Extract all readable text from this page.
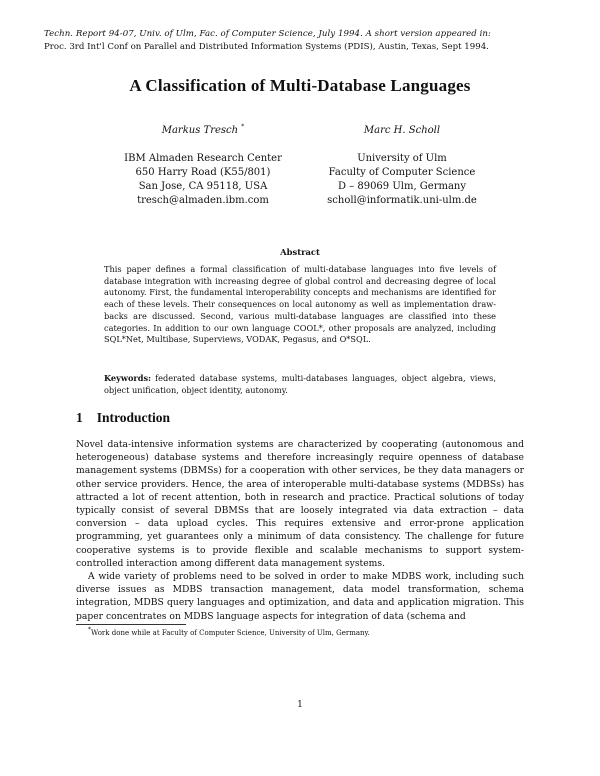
Techn. Report 94-07, Univ. of Ulm, Fac. of Computer Science, July 1994. A short version appeared in:
Proc. 3rd Int'l Conf on Parallel and Distributed Information Systems (PDIS), Austin, Texas, Sept 1994.
A Classification of Multi-Database Languages
Markus Tresch *
IBM Almaden Research Center
650 Harry Road (K55/801)
San Jose, CA 95118, USA
tresch@almaden.ibm.com
Marc H. Scholl
University of Ulm
Faculty of Computer Science
D – 89069 Ulm, Germany
scholl@informatik.uni-ulm.de
Abstract
This paper defines a formal classification of multi-database languages into five levels of database integration with increasing degree of global control and decreasing degree of local autonomy. First, the fundamental interoperability concepts and mechanisms are identified for each of these levels. Their consequences on local autonomy as well as implementation draw-backs are discussed. Second, various multi-database languages are classified into these categories. In addition to our own language COOL*, other proposals are analyzed, including SQL*Net, Multibase, Superviews, VODAK, Pegasus, and O*SQL.
Keywords: federated database systems, multi-databases languages, object algebra, views, object unification, object identity, autonomy.
1 Introduction

Novel data-intensive information systems are characterized by cooperating (autonomous and heterogeneous) database systems and therefore increasingly require openness of database management systems (DBMSs) for a cooperation with other services, be they data managers or other service providers. Hence, the area of interoperable multi-database systems (MDBSs) has attracted a lot of recent attention, both in research and practice. Practical solutions of today typically consist of several DBMSs that are loosely integrated via data extraction – data conversion – data upload cycles. This requires extensive and error-prone application programming, yet guarantees only a minimum of data consistency. The challenge for future cooperative systems is to provide flexible and scalable mechanisms to support system-controlled interaction among different data management systems.

A wide variety of problems need to be solved in order to make MDBS work, including such diverse issues as MDBS transaction management, data model transformation, schema integration, MDBS query languages and optimization, and data and application migration. This paper concentrates on MDBS language aspects for integration of data (schema and

*Work done while at Faculty of Computer Science, University of Ulm, Germany.
1
